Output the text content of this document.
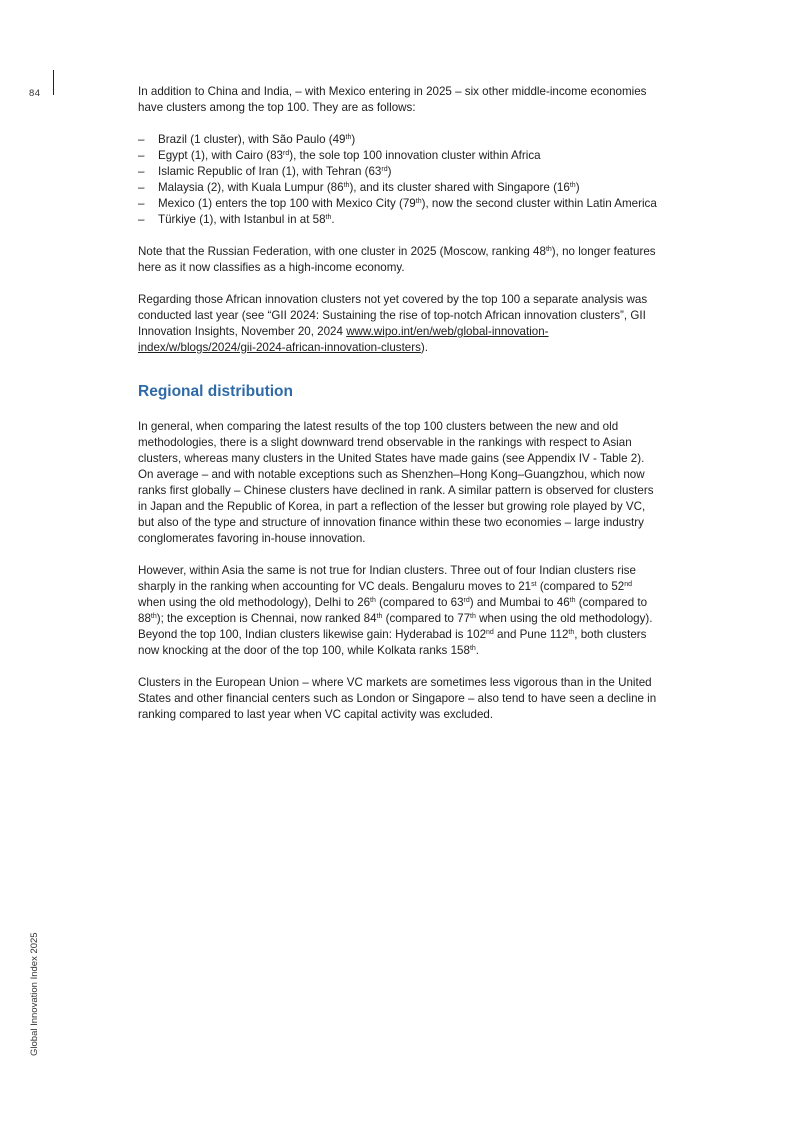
84
Global Innovation Index 2025

In addition to China and India, – with Mexico entering in 2025 – six other middle-income economies have clusters among the top 100. They are as follows:

– Brazil (1 cluster), with São Paulo (49th)
– Egypt (1), with Cairo (83rd), the sole top 100 innovation cluster within Africa
– Islamic Republic of Iran (1), with Tehran (63rd)
– Malaysia (2), with Kuala Lumpur (86th), and its cluster shared with Singapore (16th)
– Mexico (1) enters the top 100 with Mexico City (79th), now the second cluster within Latin America
– Türkiye (1), with Istanbul in at 58th.

Note that the Russian Federation, with one cluster in 2025 (Moscow, ranking 48th), no longer features here as it now classifies as a high-income economy.

Regarding those African innovation clusters not yet covered by the top 100 a separate analysis was conducted last year (see “GII 2024: Sustaining the rise of top-notch African innovation clusters”, GII Innovation Insights, November 20, 2024 www.wipo.int/en/web/global-innovation-index/w/blogs/2024/gii-2024-african-innovation-clusters).

Regional distribution

In general, when comparing the latest results of the top 100 clusters between the new and old methodologies, there is a slight downward trend observable in the rankings with respect to Asian clusters, whereas many clusters in the United States have made gains (see Appendix IV - Table 2). On average – and with notable exceptions such as Shenzhen–Hong Kong–Guangzhou, which now ranks first globally – Chinese clusters have declined in rank. A similar pattern is observed for clusters in Japan and the Republic of Korea, in part a reflection of the lesser but growing role played by VC, but also of the type and structure of innovation finance within these two economies – large industry conglomerates favoring in-house innovation.

However, within Asia the same is not true for Indian clusters. Three out of four Indian clusters rise sharply in the ranking when accounting for VC deals. Bengaluru moves to 21st (compared to 52nd when using the old methodology), Delhi to 26th (compared to 63rd) and Mumbai to 46th (compared to 88th); the exception is Chennai, now ranked 84th (compared to 77th when using the old methodology). Beyond the top 100, Indian clusters likewise gain: Hyderabad is 102nd and Pune 112th, both clusters now knocking at the door of the top 100, while Kolkata ranks 158th.

Clusters in the European Union – where VC markets are sometimes less vigorous than in the United States and other financial centers such as London or Singapore – also tend to have seen a decline in ranking compared to last year when VC capital activity was excluded.
